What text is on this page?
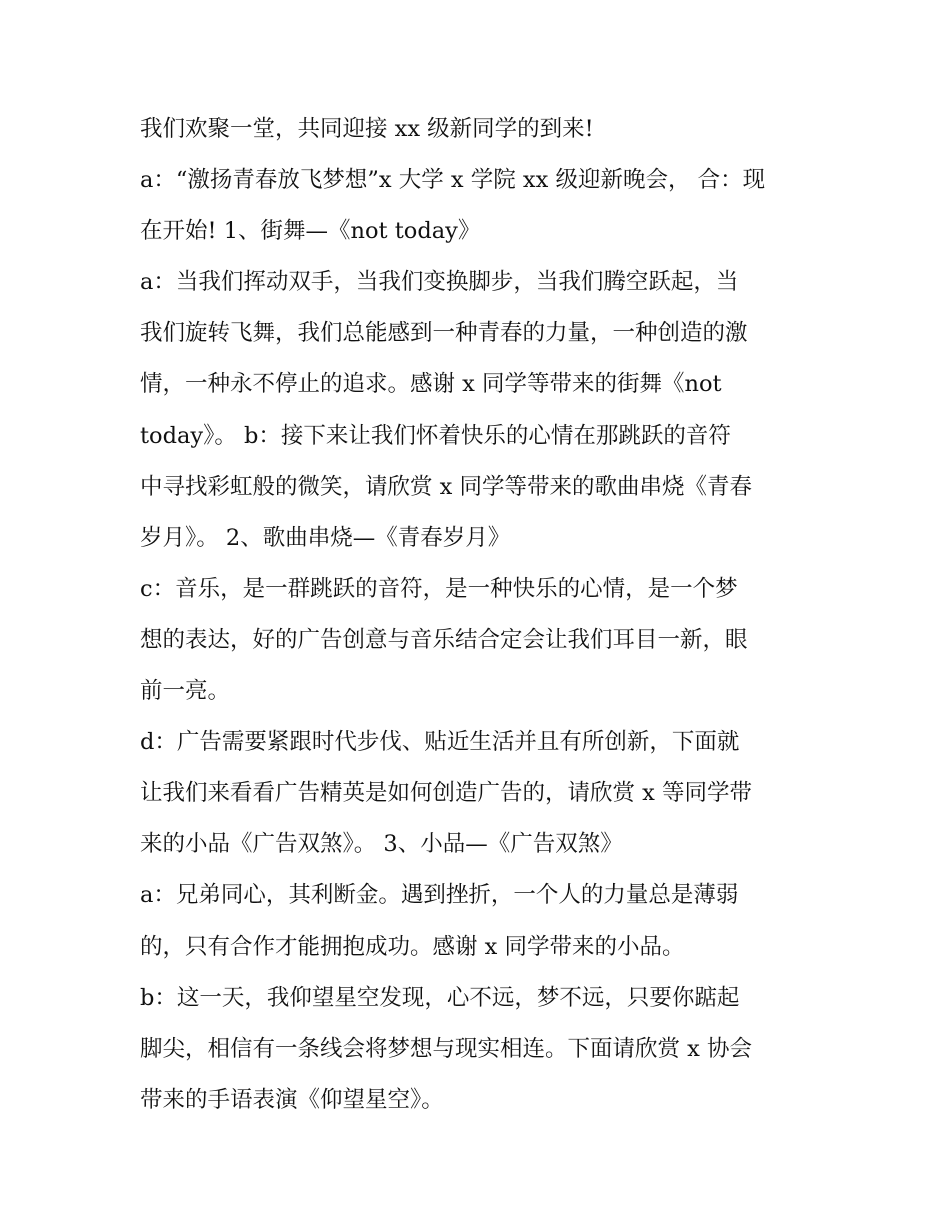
我们欢聚一堂，共同迎接 xx 级新同学的到来!
a：“激扬青春放飞梦想”x 大学 x 学院 xx 级迎新晚会， 合：现
在开始! 1、街舞—《not today》
a：当我们挥动双手，当我们变换脚步，当我们腾空跃起，当
我们旋转飞舞，我们总能感到一种青春的力量，一种创造的激
情，一种永不停止的追求。感谢 x 同学等带来的街舞《not
today》。 b：接下来让我们怀着快乐的心情在那跳跃的音符
中寻找彩虹般的微笑，请欣赏 x 同学等带来的歌曲串烧《青春
岁月》。 2、歌曲串烧—《青春岁月》
c：音乐，是一群跳跃的音符，是一种快乐的心情，是一个梦
想的表达，好的广告创意与音乐结合定会让我们耳目一新，眼
前一亮。
d：广告需要紧跟时代步伐、贴近生活并且有所创新，下面就
让我们来看看广告精英是如何创造广告的，请欣赏 x 等同学带
来的小品《广告双煞》。 3、小品—《广告双煞》
a：兄弟同心，其利断金。遇到挫折，一个人的力量总是薄弱
的，只有合作才能拥抱成功。感谢 x 同学带来的小品。
b：这一天，我仰望星空发现，心不远，梦不远，只要你踮起
脚尖，相信有一条线会将梦想与现实相连。下面请欣赏 x 协会
带来的手语表演《仰望星空》。
